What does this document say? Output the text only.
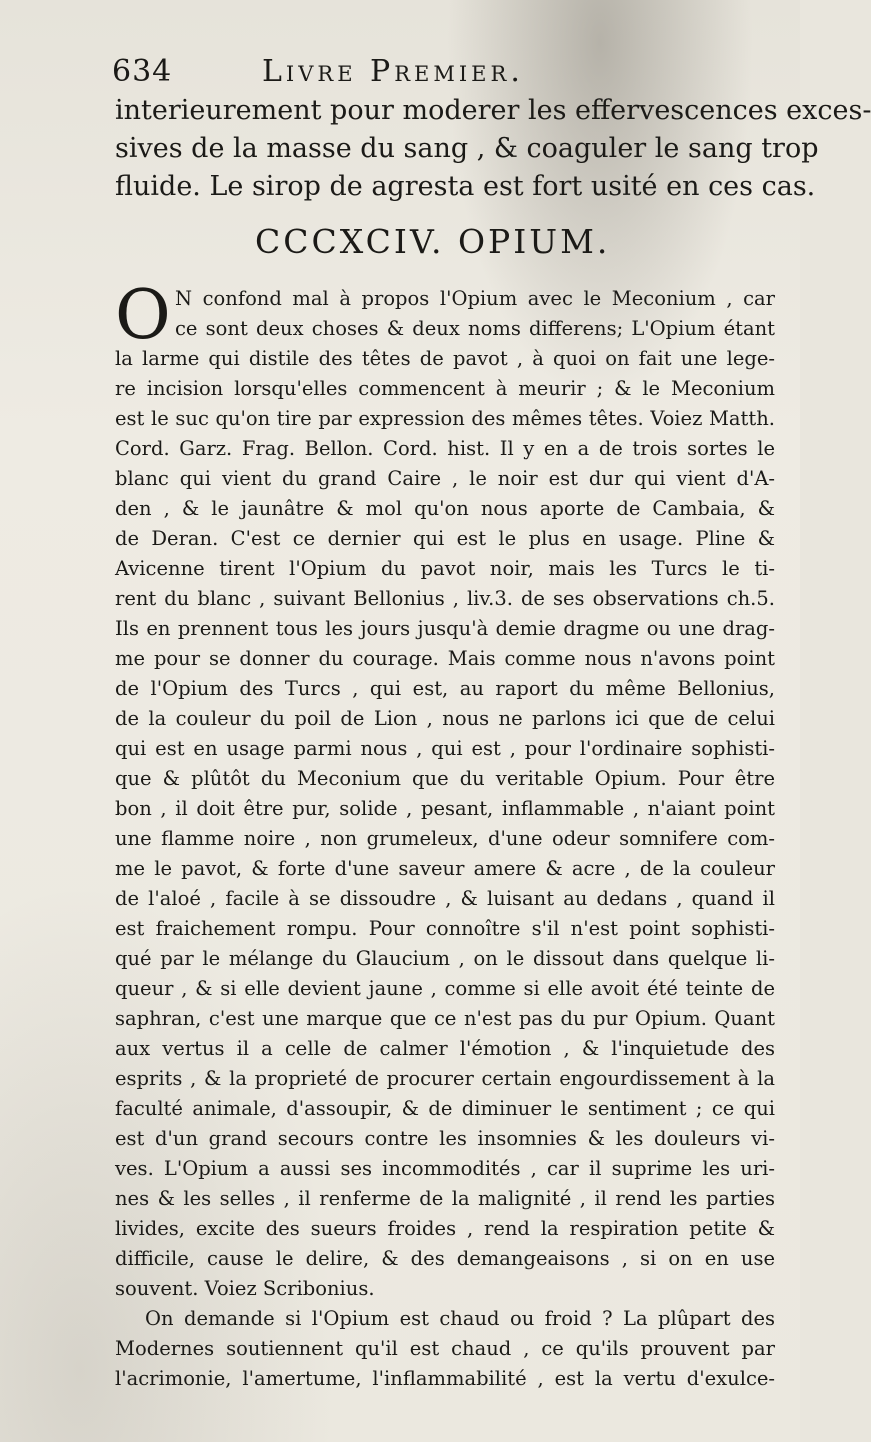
634	Livre Premier.
interieurement pour moderer les effervescences exces-
sives de la masse du sang , & coaguler le sang trop
fluide. Le sirop de agresta est fort usité en ces cas.
CCCXCIV. OPIUM.
O N confond mal à propos l'Opium avec le Meconium , car
ce sont deux choses & deux noms differens; L'Opium étant
la larme qui distile des têtes de pavot , à quoi on fait une lege-
re incision lorsqu'elles commencent à meurir ; & le Meconium
est le suc qu'on tire par expression des mêmes têtes. Voiez Matth.
Cord. Garz. Frag. Bellon. Cord. hist. Il y en a de trois sortes le
blanc qui vient du grand Caire , le noir est dur qui vient d'A-
den , & le jaunâtre & mol qu'on nous aporte de Cambaia, &
de Deran. C'est ce dernier qui est le plus en usage. Pline &
Avicenne tirent l'Opium du pavot noir, mais les Turcs le ti-
rent du blanc , suivant Bellonius , liv.3. de ses observations ch.5.
Ils en prennent tous les jours jusqu'à demie dragme ou une drag-
me pour se donner du courage. Mais comme nous n'avons point
de l'Opium des Turcs , qui est, au raport du même Bellonius,
de la couleur du poil de Lion , nous ne parlons ici que de celui
qui est en usage parmi nous , qui est , pour l'ordinaire sophisti-
que & plûtôt du Meconium que du veritable Opium. Pour être
bon , il doit être pur, solide , pesant, inflammable , n'aiant point
une flamme noire , non grumeleux, d'une odeur somnifere com-
me le pavot, & forte d'une saveur amere & acre , de la couleur
de l'aloé , facile à se dissoudre , & luisant au dedans , quand il
est fraichement rompu. Pour connoître s'il n'est point sophisti-
qué par le mélange du Glaucium , on le dissout dans quelque li-
queur , & si elle devient jaune , comme si elle avoit été teinte de
saphran, c'est une marque que ce n'est pas du pur Opium. Quant
aux vertus il a celle de calmer l'émotion , & l'inquietude des
esprits , & la proprieté de procurer certain engourdissement à la
faculté animale, d'assoupir, & de diminuer le sentiment ; ce qui
est d'un grand secours contre les insomnies & les douleurs vi-
ves. L'Opium a aussi ses incommodités , car il suprime les uri-
nes & les selles , il renferme de la malignité , il rend les parties
livides, excite des sueurs froides , rend la respiration petite &
difficile, cause le delire, & des demangeaisons , si on en use
souvent. Voiez Scribonius.
On demande si l'Opium est chaud ou froid ? La plûpart des
Modernes soutiennent qu'il est chaud , ce qu'ils prouvent par
l'acrimonie, l'amertume, l'inflammabilité , est la vertu d'exulce-
